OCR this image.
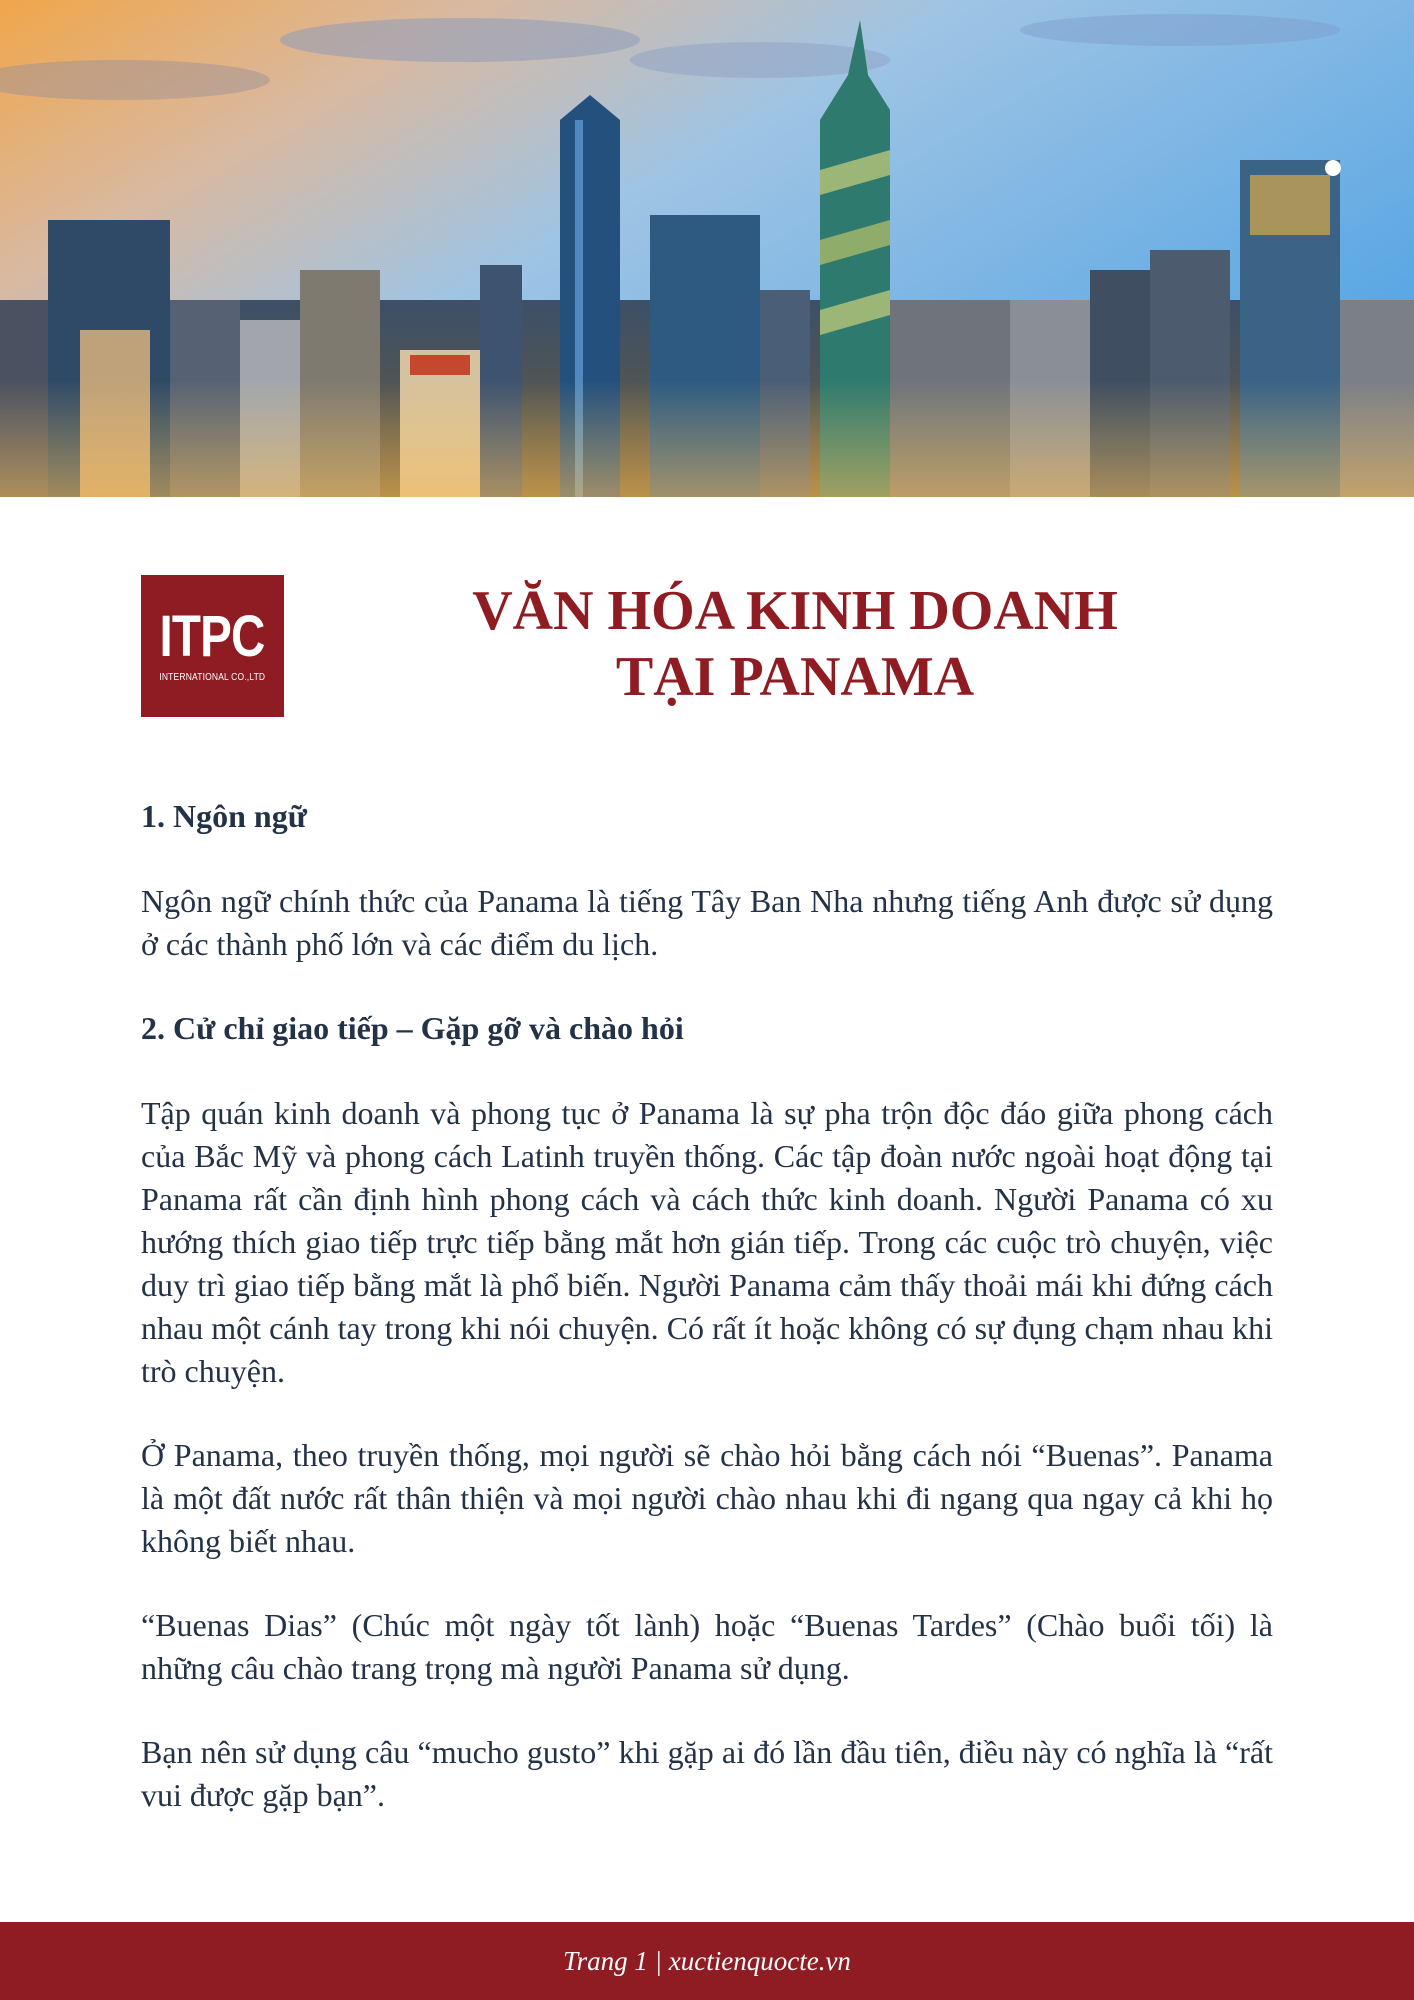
ITPC
INTERNATIONAL CO.,LTD
VĂN HÓA KINH DOANH
TẠI PANAMA
1. Ngôn ngữ

Ngôn ngữ chính thức của Panama là tiếng Tây Ban Nha nhưng tiếng Anh được sử dụng ở các thành phố lớn và các điểm du lịch.

2. Cử chỉ giao tiếp – Gặp gỡ và chào hỏi

Tập quán kinh doanh và phong tục ở Panama là sự pha trộn độc đáo giữa phong cách của Bắc Mỹ và phong cách Latinh truyền thống. Các tập đoàn nước ngoài hoạt động tại Panama rất cần định hình phong cách và cách thức kinh doanh. Người Panama có xu hướng thích giao tiếp trực tiếp bằng mắt hơn gián tiếp. Trong các cuộc trò chuyện, việc duy trì giao tiếp bằng mắt là phổ biến. Người Panama cảm thấy thoải mái khi đứng cách nhau một cánh tay trong khi nói chuyện. Có rất ít hoặc không có sự đụng chạm nhau khi trò chuyện.

Ở Panama, theo truyền thống, mọi người sẽ chào hỏi bằng cách nói “Buenas”. Panama là một đất nước rất thân thiện và mọi người chào nhau khi đi ngang qua ngay cả khi họ không biết nhau.

“Buenas Dias” (Chúc một ngày tốt lành) hoặc “Buenas Tardes” (Chào buổi tối) là những câu chào trang trọng mà người Panama sử dụng.

Bạn nên sử dụng câu “mucho gusto” khi gặp ai đó lần đầu tiên, điều này có nghĩa là “rất vui được gặp bạn”.

Trang 1 | xuctienquocte.vn
